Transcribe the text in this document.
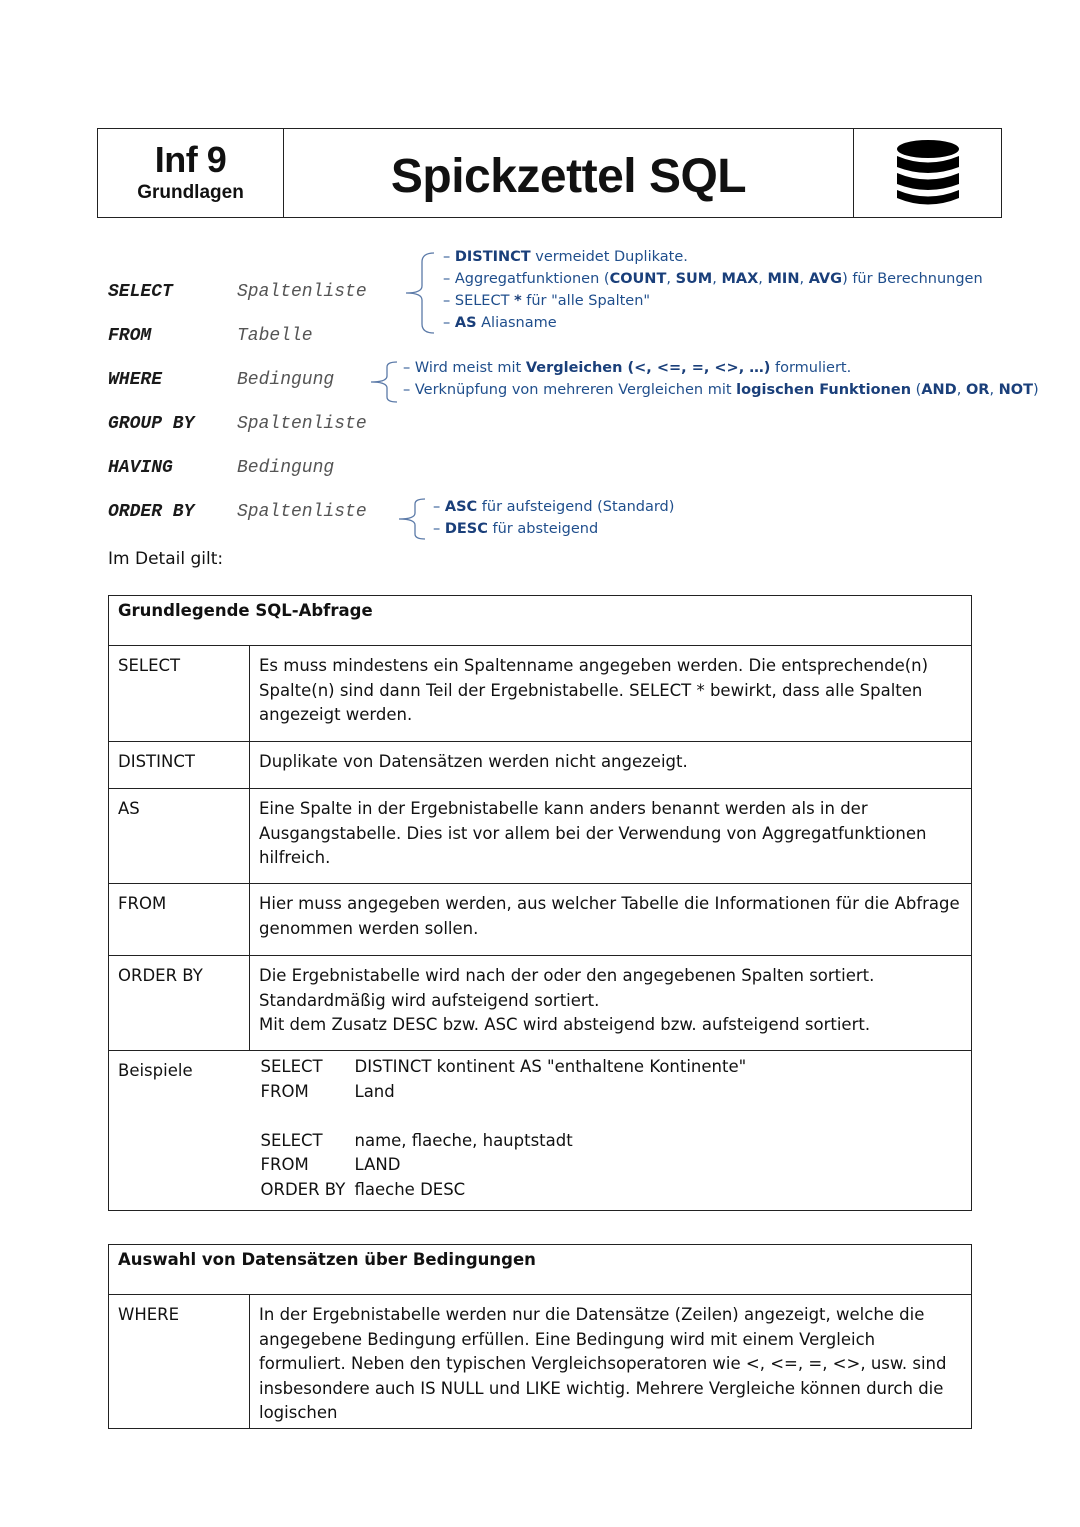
Inf 9
Grundlagen	Spickzettel SQL
SELECT	Spaltenliste
FROM	Tabelle
WHERE	Bedingung
GROUP BY Spaltenliste
HAVING	Bedingung
ORDER BY Spaltenliste
– DISTINCT vermeidet Duplikate.
– Aggregatfunktionen (COUNT, SUM, MAX, MIN, AVG) für Berechnungen
– SELECT * für "alle Spalten"
– AS Aliasname
– Wird meist mit Vergleichen (<, <=, =, <>, …) formuliert.
– Verknüpfung von mehreren Vergleichen mit logischen Funktionen (AND, OR, NOT)
– ASC für aufsteigend (Standard)
– DESC für absteigend
Im Detail gilt:
Grundlegende SQL-Abfrage	
SELECT	Es muss mindestens ein Spaltenname angegeben werden. Die entsprechende(n) Spalte(n) sind dann Teil der Ergebnistabelle. SELECT * bewirkt, dass alle Spalten angezeigt werden.
DISTINCT	Duplikate von Datensätzen werden nicht angezeigt.
AS	Eine Spalte in der Ergebnistabelle kann anders benannt werden als in der Ausgangstabelle. Dies ist vor allem bei der Verwendung von Aggregatfunktionen hilfreich.
FROM	Hier muss angegeben werden, aus welcher Tabelle die Informationen für die Abfrage genommen werden sollen.
ORDER BY	Die Ergebnistabelle wird nach der oder den angegebenen Spalten sortiert.
Standardmäßig wird aufsteigend sortiert.
Mit dem Zusatz DESC bzw. ASC wird absteigend bzw. aufsteigend sortiert.

Beispiele	SELECT	DISTINCT kontinent AS "enthaltene Kontinente"
FROM	Land
SELECT	name, flaeche, hauptstadt
FROM	LAND
ORDER BY flaeche DESC
Auswahl von Datensätzen über Bedingungen
WHERE	In der Ergebnistabelle werden nur die Datensätze (Zeilen) angezeigt, welche die angegebene Bedingung erfüllen. Eine Bedingung wird mit einem Vergleich formuliert. Neben den typischen Vergleichsoperatoren wie <, <=, =, <>, usw. sind insbesondere auch IS NULL und LIKE wichtig. Mehrere Vergleiche können durch die logischen
